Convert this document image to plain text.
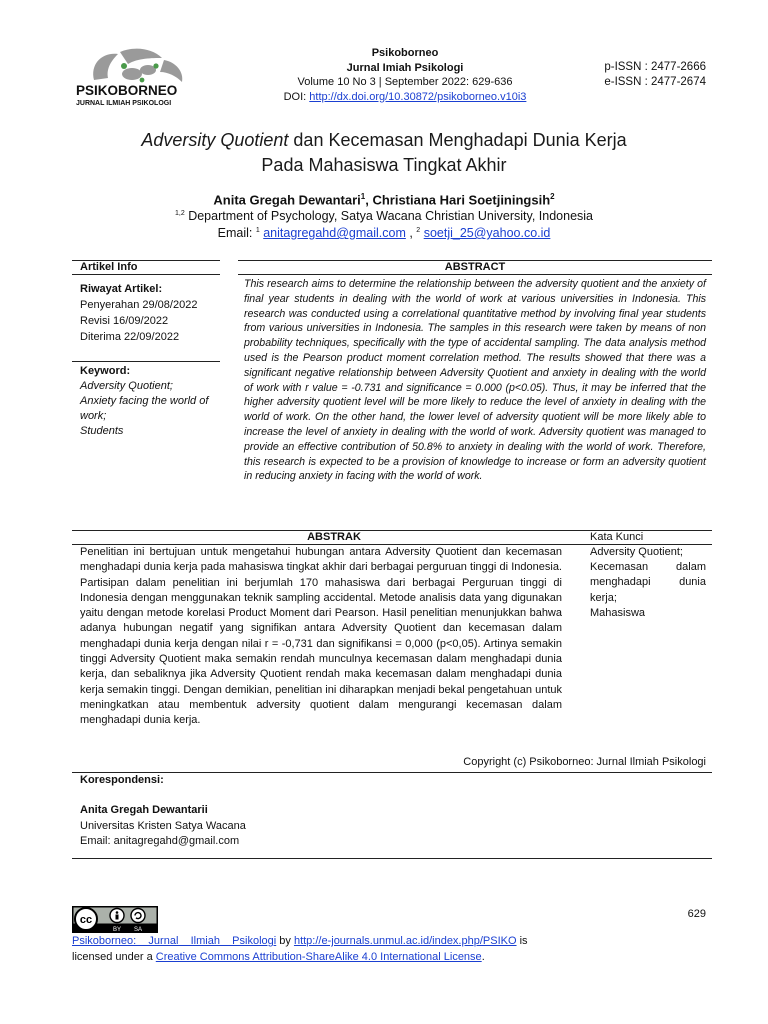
PSIKOBORNEO
JURNAL ILMIAH PSIKOLOGI
Psikoborneo
Jurnal Imiah Psikologi
Volume 10 No 3 | September 2022: 629-636
DOI: http://dx.doi.org/10.30872/psikoborneo.v10i3
p-ISSN : 2477-2666
e-ISSN : 2477-2674
Adversity Quotient dan Kecemasan Menghadapi Dunia Kerja
Pada Mahasiswa Tingkat Akhir
Anita Gregah Dewantari$^1$, Christiana Hari Soetjiningsih$^2$
$^{1,2}$ Department of Psychology, Satya Wacana Christian University, Indonesia
Email: $^1$ anitagregahd@gmail.com , $^2$ soetji_25@yahoo.co.id
Artikel Info	ABSTRACT
Riwayat Artikel:
Penyerahan 29/08/2022
Revisi 16/09/2022
Diterima 22/09/2022
Keyword:
Adversity Quotient;
Anxiety facing the world of work;
Students
This research aims to determine the relationship between the adversity quotient and the anxiety of final year students in dealing with the world of work at various universities in Indonesia. This research was conducted using a correlational quantitative method by involving final year students from various universities in Indonesia. The samples in this research were taken by means of non probability techniques, specifically with the type of accidental sampling. The data analysis method used is the Pearson product moment correlation method. The results showed that there was a significant negative relationship between Adversity Quotient and anxiety in dealing with the world of work with r value = -0.731 and significance = 0.000 (p<0.05). Thus, it may be inferred that the higher adversity quotient level will be more likely to reduce the level of anxiety in dealing with the world of work. On the other hand, the lower level of adversity quotient will be more likely able to increase the level of anxiety in dealing with the world of work. Adversity quotient was managed to provide an effective contribution of 50.8% to anxiety in dealing with the world of work. Therefore, this research is expected to be a provision of knowledge to increase or form an adversity quotient in reducing anxiety in facing with the world of work.
ABSTRAK	Kata Kunci
Penelitian ini bertujuan untuk mengetahui hubungan antara Adversity Quotient dan kecemasan menghadapi dunia kerja pada mahasiswa tingkat akhir dari berbagai perguruan tinggi di Indonesia. Partisipan dalam penelitian ini berjumlah 170 mahasiswa dari berbagai Perguruan tinggi di Indonesia dengan menggunakan teknik sampling accidental. Metode analisis data yang digunakan yaitu dengan metode korelasi Product Moment dari Pearson. Hasil penelitian menunjukkan bahwa adanya hubungan negatif yang signifikan antara Adversity Quotient dan kecemasan dalam menghadapi dunia kerja dengan nilai r = -0,731 dan signifikansi = 0,000 (p<0,05). Artinya semakin tinggi Adversity Quotient maka semakin rendah munculnya kecemasan dalam menghadapi dunia kerja, dan sebaliknya jika Adversity Quotient rendah maka kecemasan dalam menghadapi dunia kerja semakin tinggi. Dengan demikian, penelitian ini diharapkan menjadi bekal pengetahuan untuk meningkatkan atau membentuk adversity quotient dalam mengurangi kecemasan dalam menghadapi dunia kerja.
Adversity Quotient;
Kecemasan dalam menghadapi dunia kerja;
Mahasiswa
Copyright (c) Psikoborneo: Jurnal Ilmiah Psikologi
Korespondensi:
Anita Gregah Dewantarii
Universitas Kristen Satya Wacana
Email: anitagregahd@gmail.com
cc
BY SA
629
Psikoborneo:    Jurnal    Ilmiah    Psikologi by http://e-journals.unmul.ac.id/index.php/PSIKO is
licensed under a Creative Commons Attribution-ShareAlike 4.0 International License.
